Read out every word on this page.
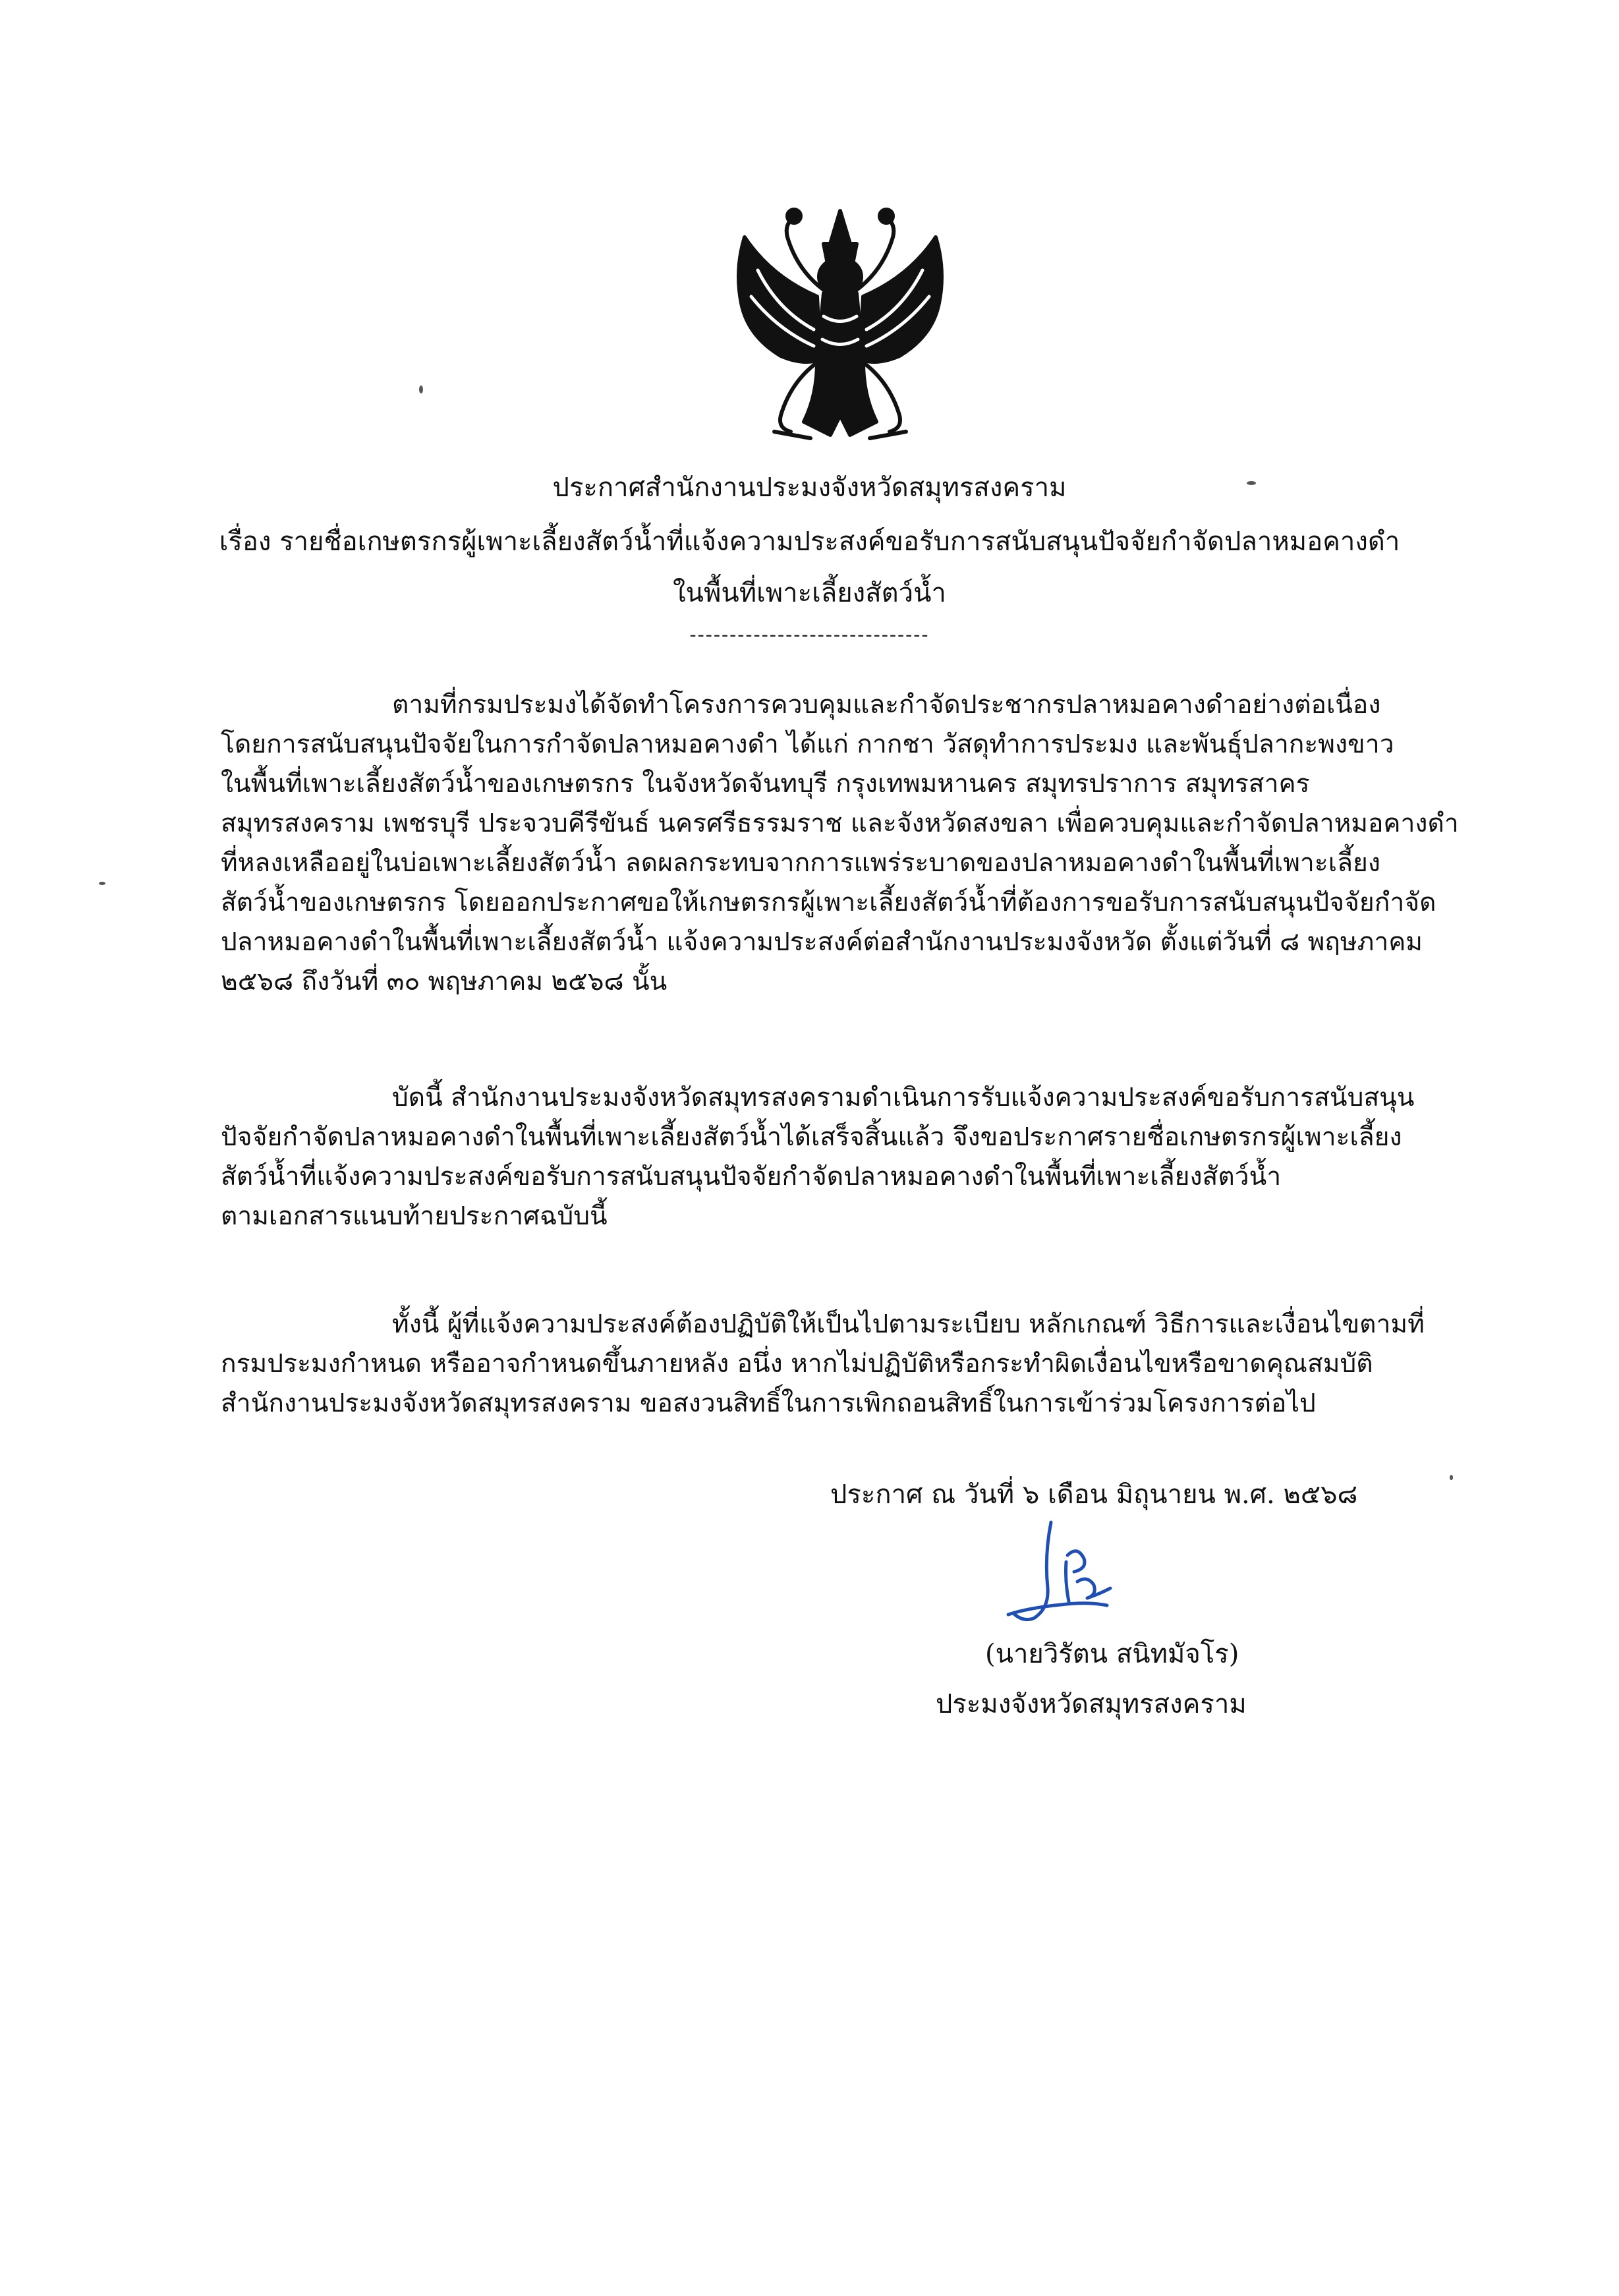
ประกาศสำนักงานประมงจังหวัดสมุทรสงคราม
เรื่อง รายชื่อเกษตรกรผู้เพาะเลี้ยงสัตว์น้ำที่แจ้งความประสงค์ขอรับการสนับสนุนปัจจัยกำจัดปลาหมอคางดำ
ในพื้นที่เพาะเลี้ยงสัตว์น้ำ
------------------------------

ตามที่กรมประมงได้จัดทำโครงการควบคุมและกำจัดประชากรปลาหมอคางดำอย่างต่อเนื่อง

โดยการสนับสนุนปัจจัยในการกำจัดปลาหมอคางดำ ได้แก่ กากชา วัสดุทำการประมง และพันธุ์ปลากะพงขาว

ในพื้นที่เพาะเลี้ยงสัตว์น้ำของเกษตรกร ในจังหวัดจันทบุรี กรุงเทพมหานคร สมุทรปราการ สมุทรสาคร

สมุทรสงคราม เพชรบุรี ประจวบคีรีขันธ์ นครศรีธรรมราช และจังหวัดสงขลา เพื่อควบคุมและกำจัดปลาหมอคางดำ

ที่หลงเหลืออยู่ในบ่อเพาะเลี้ยงสัตว์น้ำ ลดผลกระทบจากการแพร่ระบาดของปลาหมอคางดำในพื้นที่เพาะเลี้ยง

สัตว์น้ำของเกษตรกร โดยออกประกาศขอให้เกษตรกรผู้เพาะเลี้ยงสัตว์น้ำที่ต้องการขอรับการสนับสนุนปัจจัยกำจัด

ปลาหมอคางดำในพื้นที่เพาะเลี้ยงสัตว์น้ำ แจ้งความประสงค์ต่อสำนักงานประมงจังหวัด ตั้งแต่วันที่ ๘ พฤษภาคม

๒๕๖๘ ถึงวันที่ ๓๐ พฤษภาคม ๒๕๖๘ นั้น

บัดนี้ สำนักงานประมงจังหวัดสมุทรสงครามดำเนินการรับแจ้งความประสงค์ขอรับการสนับสนุน

ปัจจัยกำจัดปลาหมอคางดำในพื้นที่เพาะเลี้ยงสัตว์น้ำได้เสร็จสิ้นแล้ว จึงขอประกาศรายชื่อเกษตรกรผู้เพาะเลี้ยง

สัตว์น้ำที่แจ้งความประสงค์ขอรับการสนับสนุนปัจจัยกำจัดปลาหมอคางดำในพื้นที่เพาะเลี้ยงสัตว์น้ำ

ตามเอกสารแนบท้ายประกาศฉบับนี้

ทั้งนี้ ผู้ที่แจ้งความประสงค์ต้องปฏิบัติให้เป็นไปตามระเบียบ หลักเกณฑ์ วิธีการและเงื่อนไขตามที่

กรมประมงกำหนด หรืออาจกำหนดขึ้นภายหลัง อนึ่ง หากไม่ปฏิบัติหรือกระทำผิดเงื่อนไขหรือขาดคุณสมบัติ

สำนักงานประมงจังหวัดสมุทรสงคราม ขอสงวนสิทธิ์ในการเพิกถอนสิทธิ์ในการเข้าร่วมโครงการต่อไป

ประกาศ ณ วันที่ ๖ เดือน มิถุนายน พ.ศ. ๒๕๖๘
(นายวิรัตน สนิทมัจโร)
ประมงจังหวัดสมุทรสงคราม
